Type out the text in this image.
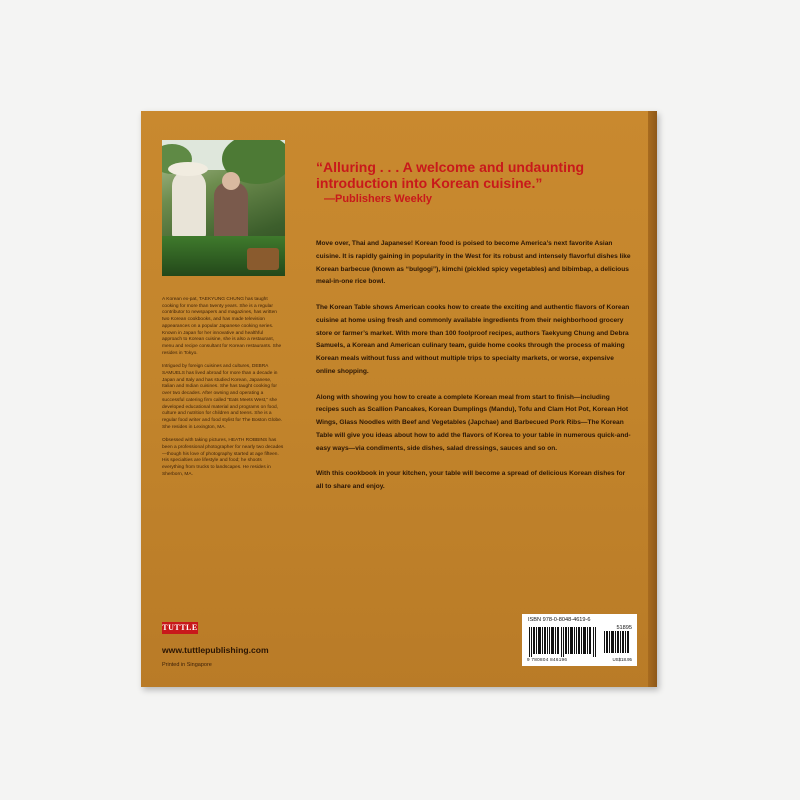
A Korean ex-pat, TAEKYUNG CHUNG has taught cooking for more than twenty years. She is a regular contributor to newspapers and magazines, has written two Korean cookbooks, and has made television appearances on a popular Japanese cooking series. Known in Japan for her innovative and healthful approach to Korean cuisine, she is also a restaurant, menu and recipe consultant for Korean restaurants. She resides in Tokyo.

Intrigued by foreign cuisines and cultures, DEBRA SAMUELS has lived abroad for more than a decade in Japan and Italy and has studied Korean, Japanese, Italian and Indian cuisines. She has taught cooking for over two decades. After owning and operating a successful catering firm called “Eats Meets West,” she developed educational material and programs on food, culture and nutrition for children and teens. She is a regular food writer and food stylist for The Boston Globe. She resides in Lexington, MA.

Obsessed with taking pictures, HEATH ROBBINS has been a professional photographer for nearly two decades—though his love of photography started at age fifteen. His specialties are lifestyle and food; he shoots everything from trucks to landscapes. He resides in Sherborn, MA.

TUTTLE
www.tuttlepublishing.com
Printed in Singapore
“Alluring . . . A welcome and undaunting introduction into Korean cuisine.”
—Publishers Weekly

Move over, Thai and Japanese! Korean food is poised to become America’s next favorite Asian cuisine. It is rapidly gaining in popularity in the West for its robust and intensely flavorful dishes like Korean barbecue (known as “bulgogi”), kimchi (pickled spicy vegetables) and bibimbap, a delicious meal-in-one rice bowl.

The Korean Table shows American cooks how to create the exciting and authentic flavors of Korean cuisine at home using fresh and commonly available ingredients from their neighborhood grocery store or farmer’s market. With more than 100 foolproof recipes, authors Taekyung Chung and Debra Samuels, a Korean and American culinary team, guide home cooks through the process of making Korean meals without fuss and without multiple trips to specialty markets, or worse, expensive online shopping.

Along with showing you how to create a complete Korean meal from start to finish—including recipes such as Scallion Pancakes, Korean Dumplings (Mandu), Tofu and Clam Hot Pot, Korean Hot Wings, Glass Noodles with Beef and Vegetables (Japchae) and Barbecued Pork Ribs—The Korean Table will give you ideas about how to add the flavors of Korea to your table in numerous quick-and-easy ways—via condiments, side dishes, salad dressings, sauces and so on.

With this cookbook in your kitchen, your table will become a spread of delicious Korean dishes for all to share and enjoy.

ISBN 978-0-8048-4619-6
51895
9 780804 846196	US$18.95
